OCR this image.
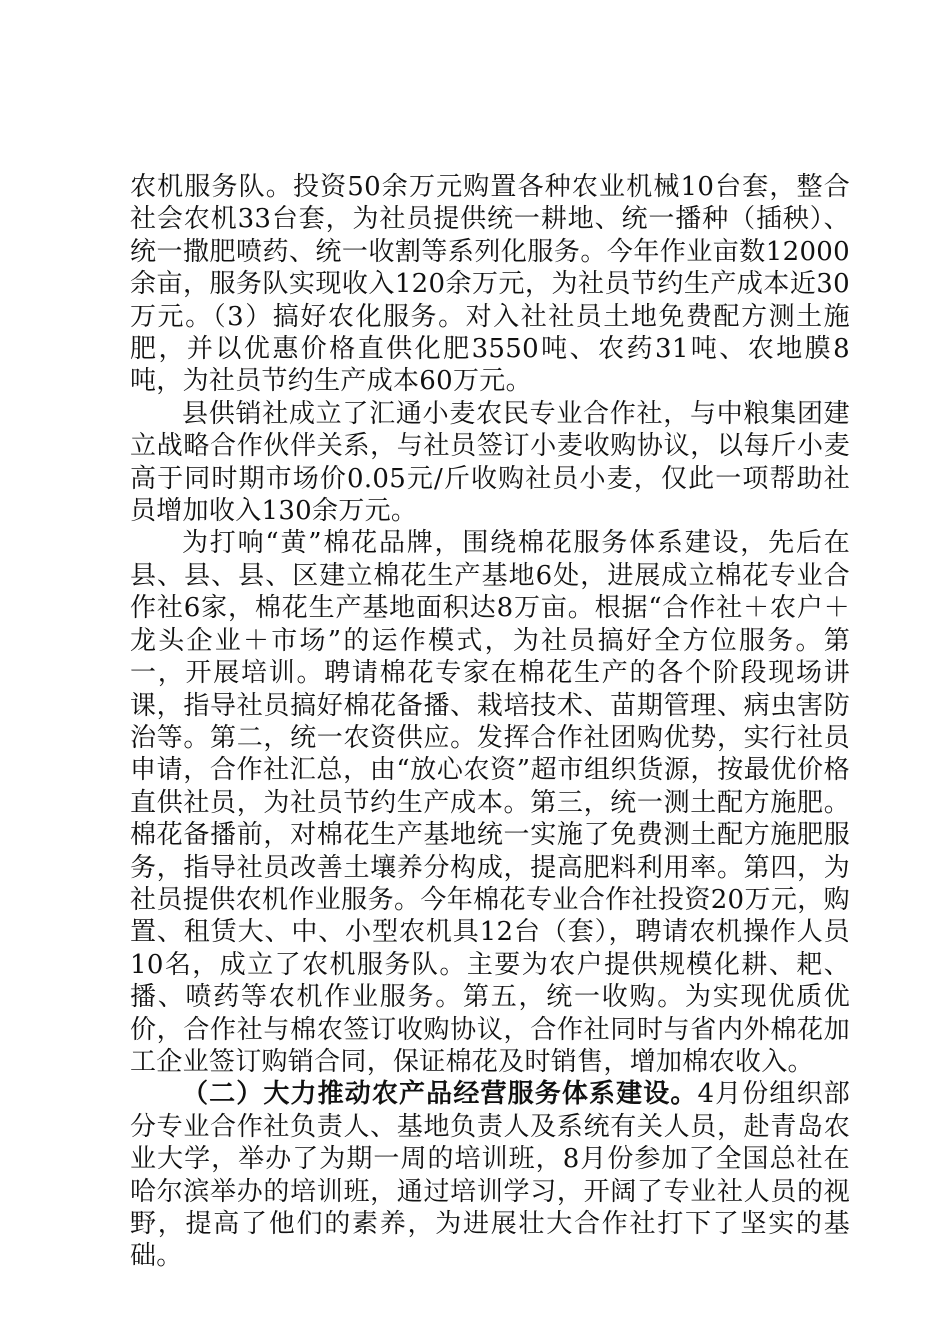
农机服务队。投资50余万元购置各种农业机械10台套，整合社会农机33台套，为社员提供统一耕地、统一播种（插秧）、统一撒肥喷药、统一收割等系列化服务。今年作业亩数12000余亩，服务队实现收入120余万元，为社员节约生产成本近30万元。（3）搞好农化服务。对入社社员土地免费配方测土施肥，并以优惠价格直供化肥3550吨、农药31吨、农地膜8吨，为社员节约生产成本60万元。

县供销社成立了汇通小麦农民专业合作社，与中粮集团建立战略合作伙伴关系，与社员签订小麦收购协议，以每斤小麦高于同时期市场价0.05元/斤收购社员小麦，仅此一项帮助社员增加收入130余万元。

为打响“黄”棉花品牌，围绕棉花服务体系建设，先后在县、县、县、区建立棉花生产基地6处，进展成立棉花专业合作社6家，棉花生产基地面积达8万亩。根据“合作社＋农户＋龙头企业＋市场”的运作模式，为社员搞好全方位服务。第一，开展培训。聘请棉花专家在棉花生产的各个阶段现场讲课，指导社员搞好棉花备播、栽培技术、苗期管理、病虫害防治等。第二，统一农资供应。发挥合作社团购优势，实行社员申请，合作社汇总，由“放心农资”超市组织货源，按最优价格直供社员，为社员节约生产成本。第三，统一测土配方施肥。棉花备播前，对棉花生产基地统一实施了免费测土配方施肥服务，指导社员改善土壤养分构成，提高肥料利用率。第四，为社员提供农机作业服务。今年棉花专业合作社投资20万元，购置、租赁大、中、小型农机具12台（套），聘请农机操作人员10名，成立了农机服务队。主要为农户提供规模化耕、耙、播、喷药等农机作业服务。第五，统一收购。为实现优质优价，合作社与棉农签订收购协议，合作社同时与省内外棉花加工企业签订购销合同，保证棉花及时销售，增加棉农收入。

（二）大力推动农产品经营服务体系建设。4月份组织部分专业合作社负责人、基地负责人及系统有关人员，赴青岛农业大学，举办了为期一周的培训班，8月份参加了全国总社在哈尔滨举办的培训班，通过培训学习，开阔了专业社人员的视野，提高了他们的素养，为进展壮大合作社打下了坚实的基础。
